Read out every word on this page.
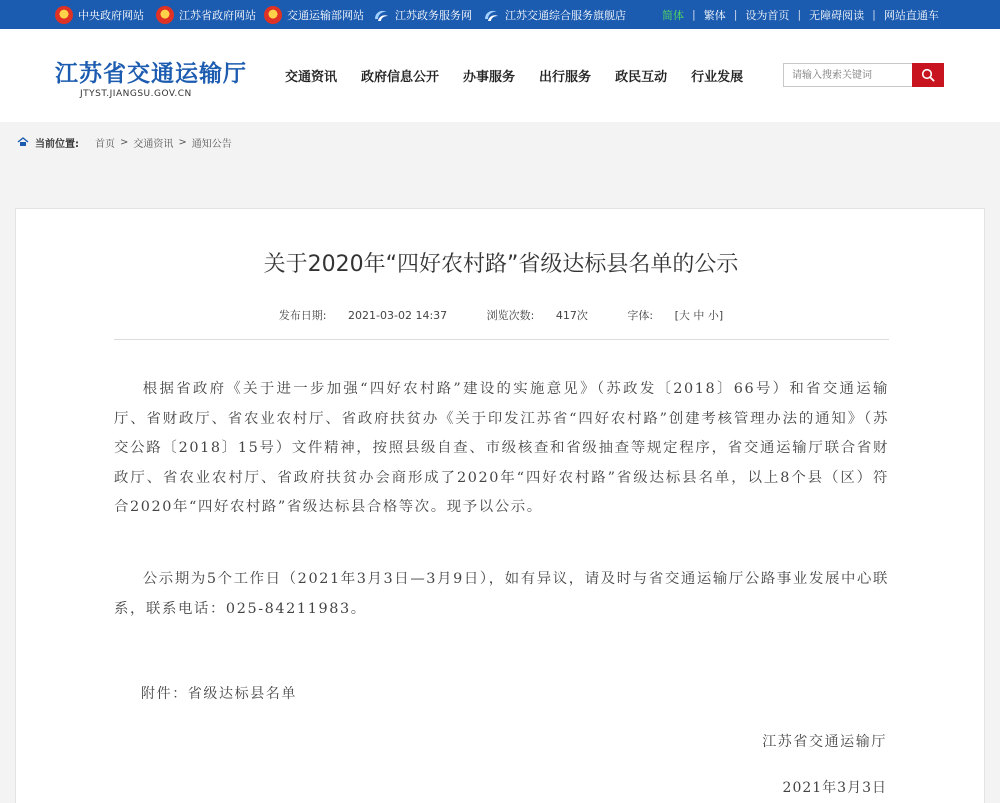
中央政府网站	江苏省政府网站	交通运输部网站	江苏政务服务网	江苏交通综合服务旗舰店	简体 | 繁体 | 设为首页 | 无障碍阅读 | 网站直通车
江苏省交通运输厅
JTYST.JIANGSU.GOV.CN
交通资讯 政府信息公开 办事服务 出行服务 政民互动 行业发展
请输入搜索关键词
当前位置: 首页 > 交通资讯 > 通知公告
关于2020年“四好农村路”省级达标县名单的公示
发布日期: 2021-03-02 14:37	浏览次数: 417次	字体: [大 中 小]

根据省政府《关于进一步加强“四好农村路”建设的实施意见》（苏政发〔2018〕66号）和省交通运输厅、省财政厅、省农业农村厅、省政府扶贫办《关于印发江苏省“四好农村路”创建考核管理办法的通知》（苏交公路〔2018〕15号）文件精神，按照县级自查、市级核查和省级抽查等规定程序，省交通运输厅联合省财政厅、省农业农村厅、省政府扶贫办会商形成了2020年“四好农村路”省级达标县名单，以上8个县（区）符合2020年“四好农村路”省级达标县合格等次。现予以公示。

公示期为5个工作日（2021年3月3日—3月9日），如有异议，请及时与省交通运输厅公路事业发展中心联系，联系电话：025-84211983。

附件：省级达标县名单
江苏省交通运输厅
2021年3月3日
